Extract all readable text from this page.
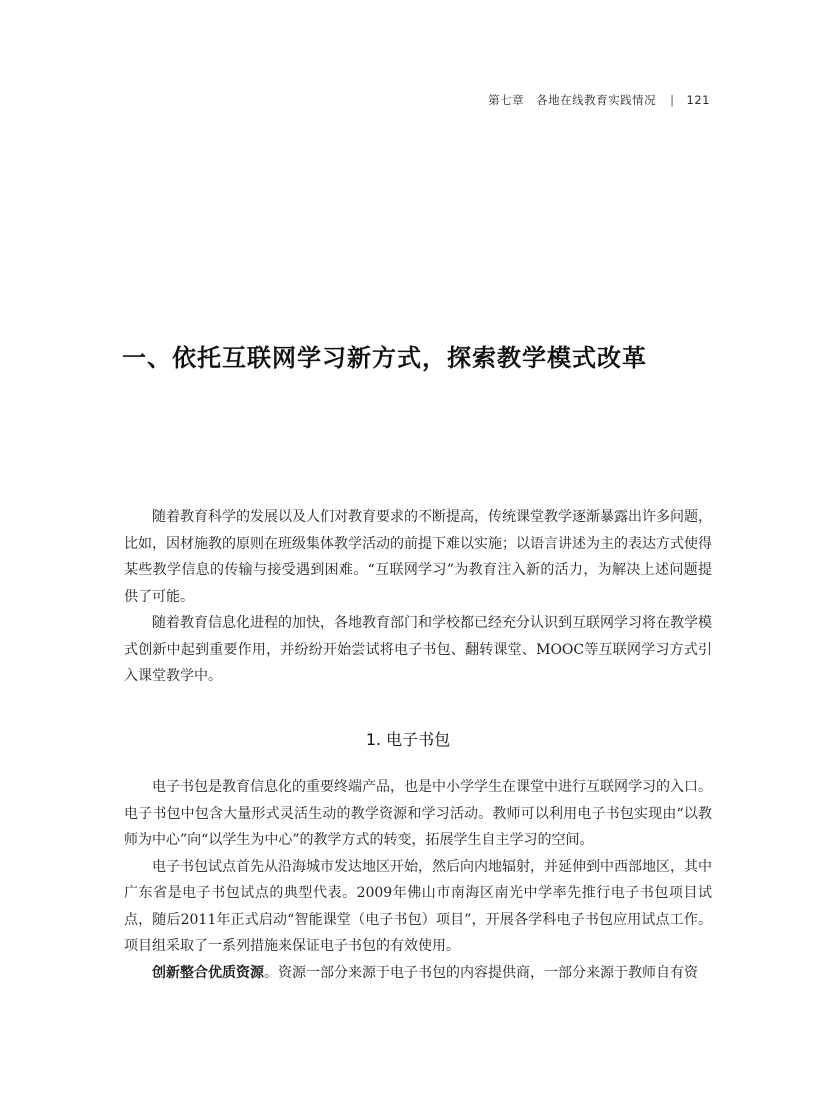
第七章　各地在线教育实践情况 | 121
一、依托互联网学习新方式，探索教学模式改革

随着教育科学的发展以及人们对教育要求的不断提高，传统课堂教学逐渐暴露出许多问题，比如，因材施教的原则在班级集体教学活动的前提下难以实施；以语言讲述为主的表达方式使得某些教学信息的传输与接受遇到困难。“互联网学习”为教育注入新的活力，为解决上述问题提供了可能。

随着教育信息化进程的加快，各地教育部门和学校都已经充分认识到互联网学习将在教学模式创新中起到重要作用，并纷纷开始尝试将电子书包、翻转课堂、MOOC等互联网学习方式引入课堂教学中。

1. 电子书包

电子书包是教育信息化的重要终端产品，也是中小学学生在课堂中进行互联网学习的入口。电子书包中包含大量形式灵活生动的教学资源和学习活动。教师可以利用电子书包实现由“以教师为中心”向“以学生为中心”的教学方式的转变，拓展学生自主学习的空间。

电子书包试点首先从沿海城市发达地区开始，然后向内地辐射，并延伸到中西部地区，其中广东省是电子书包试点的典型代表。2009年佛山市南海区南光中学率先推行电子书包项目试点，随后2011年正式启动“智能课堂（电子书包）项目”，开展各学科电子书包应用试点工作。项目组采取了一系列措施来保证电子书包的有效使用。

创新整合优质资源。资源一部分来源于电子书包的内容提供商，一部分来源于教师自有资
